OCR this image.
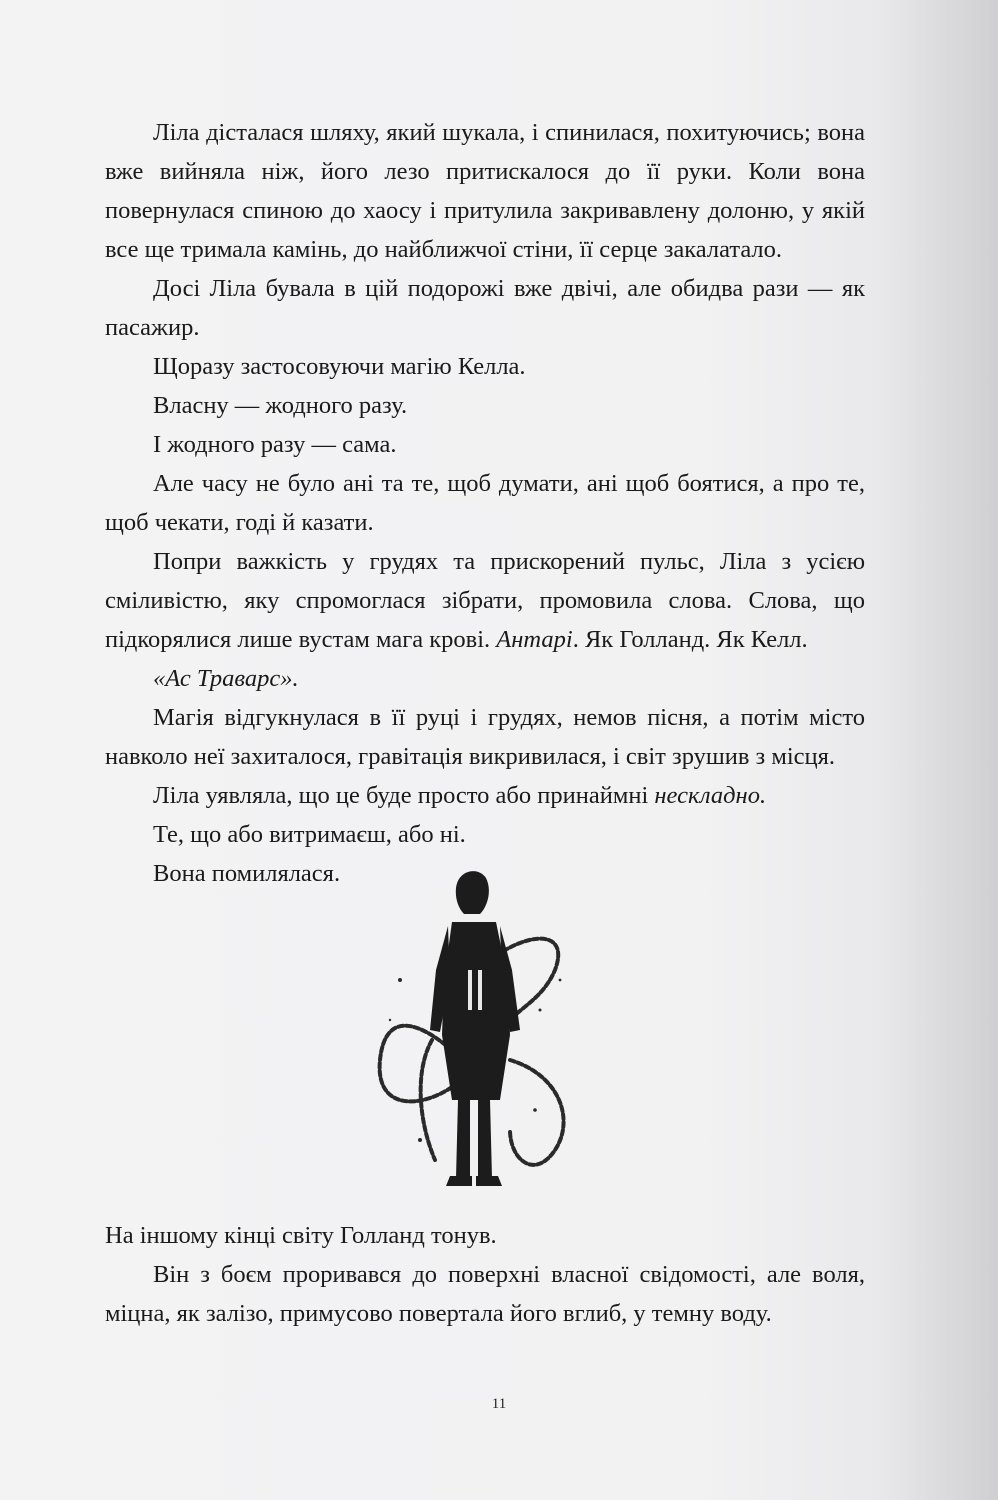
Ліла дісталася шляху, який шукала, і спинилася, похитуючись; вона вже вийняла ніж, його лезо притискалося до її руки. Коли вона повернулася спиною до хаосу і притулила закривавлену долоню, у якій все ще тримала камінь, до найближчої стіни, її серце закалатало.

Досі Ліла бувала в цій подорожі вже двічі, але обидва рази — як пасажир.

Щоразу застосовуючи магію Келла.

Власну — жодного разу.

І жодного разу — сама.

Але часу не було ані та те, щоб думати, ані щоб боятися, а про те, щоб чекати, годі й казати.

Попри важкість у грудях та прискорений пульс, Ліла з усією сміливістю, яку спромоглася зібрати, промовила слова. Слова, що підкорялися лише вустам мага крові. Антарі. Як Голланд. Як Келл.

«Ас Траварс».

Магія відгукнулася в її руці і грудях, немов пісня, а потім місто навколо неї захиталося, гравітація викривилася, і світ зрушив з місця.

Ліла уявляла, що це буде просто або принаймні нескладно.

Те, що або витримаєш, або ні.

Вона помилялася.

На іншому кінці світу Голланд тонув.

Він з боєм проривався до поверхні власної свідомості, але воля, міцна, як залізо, примусово повертала його вглиб, у темну воду.

11
